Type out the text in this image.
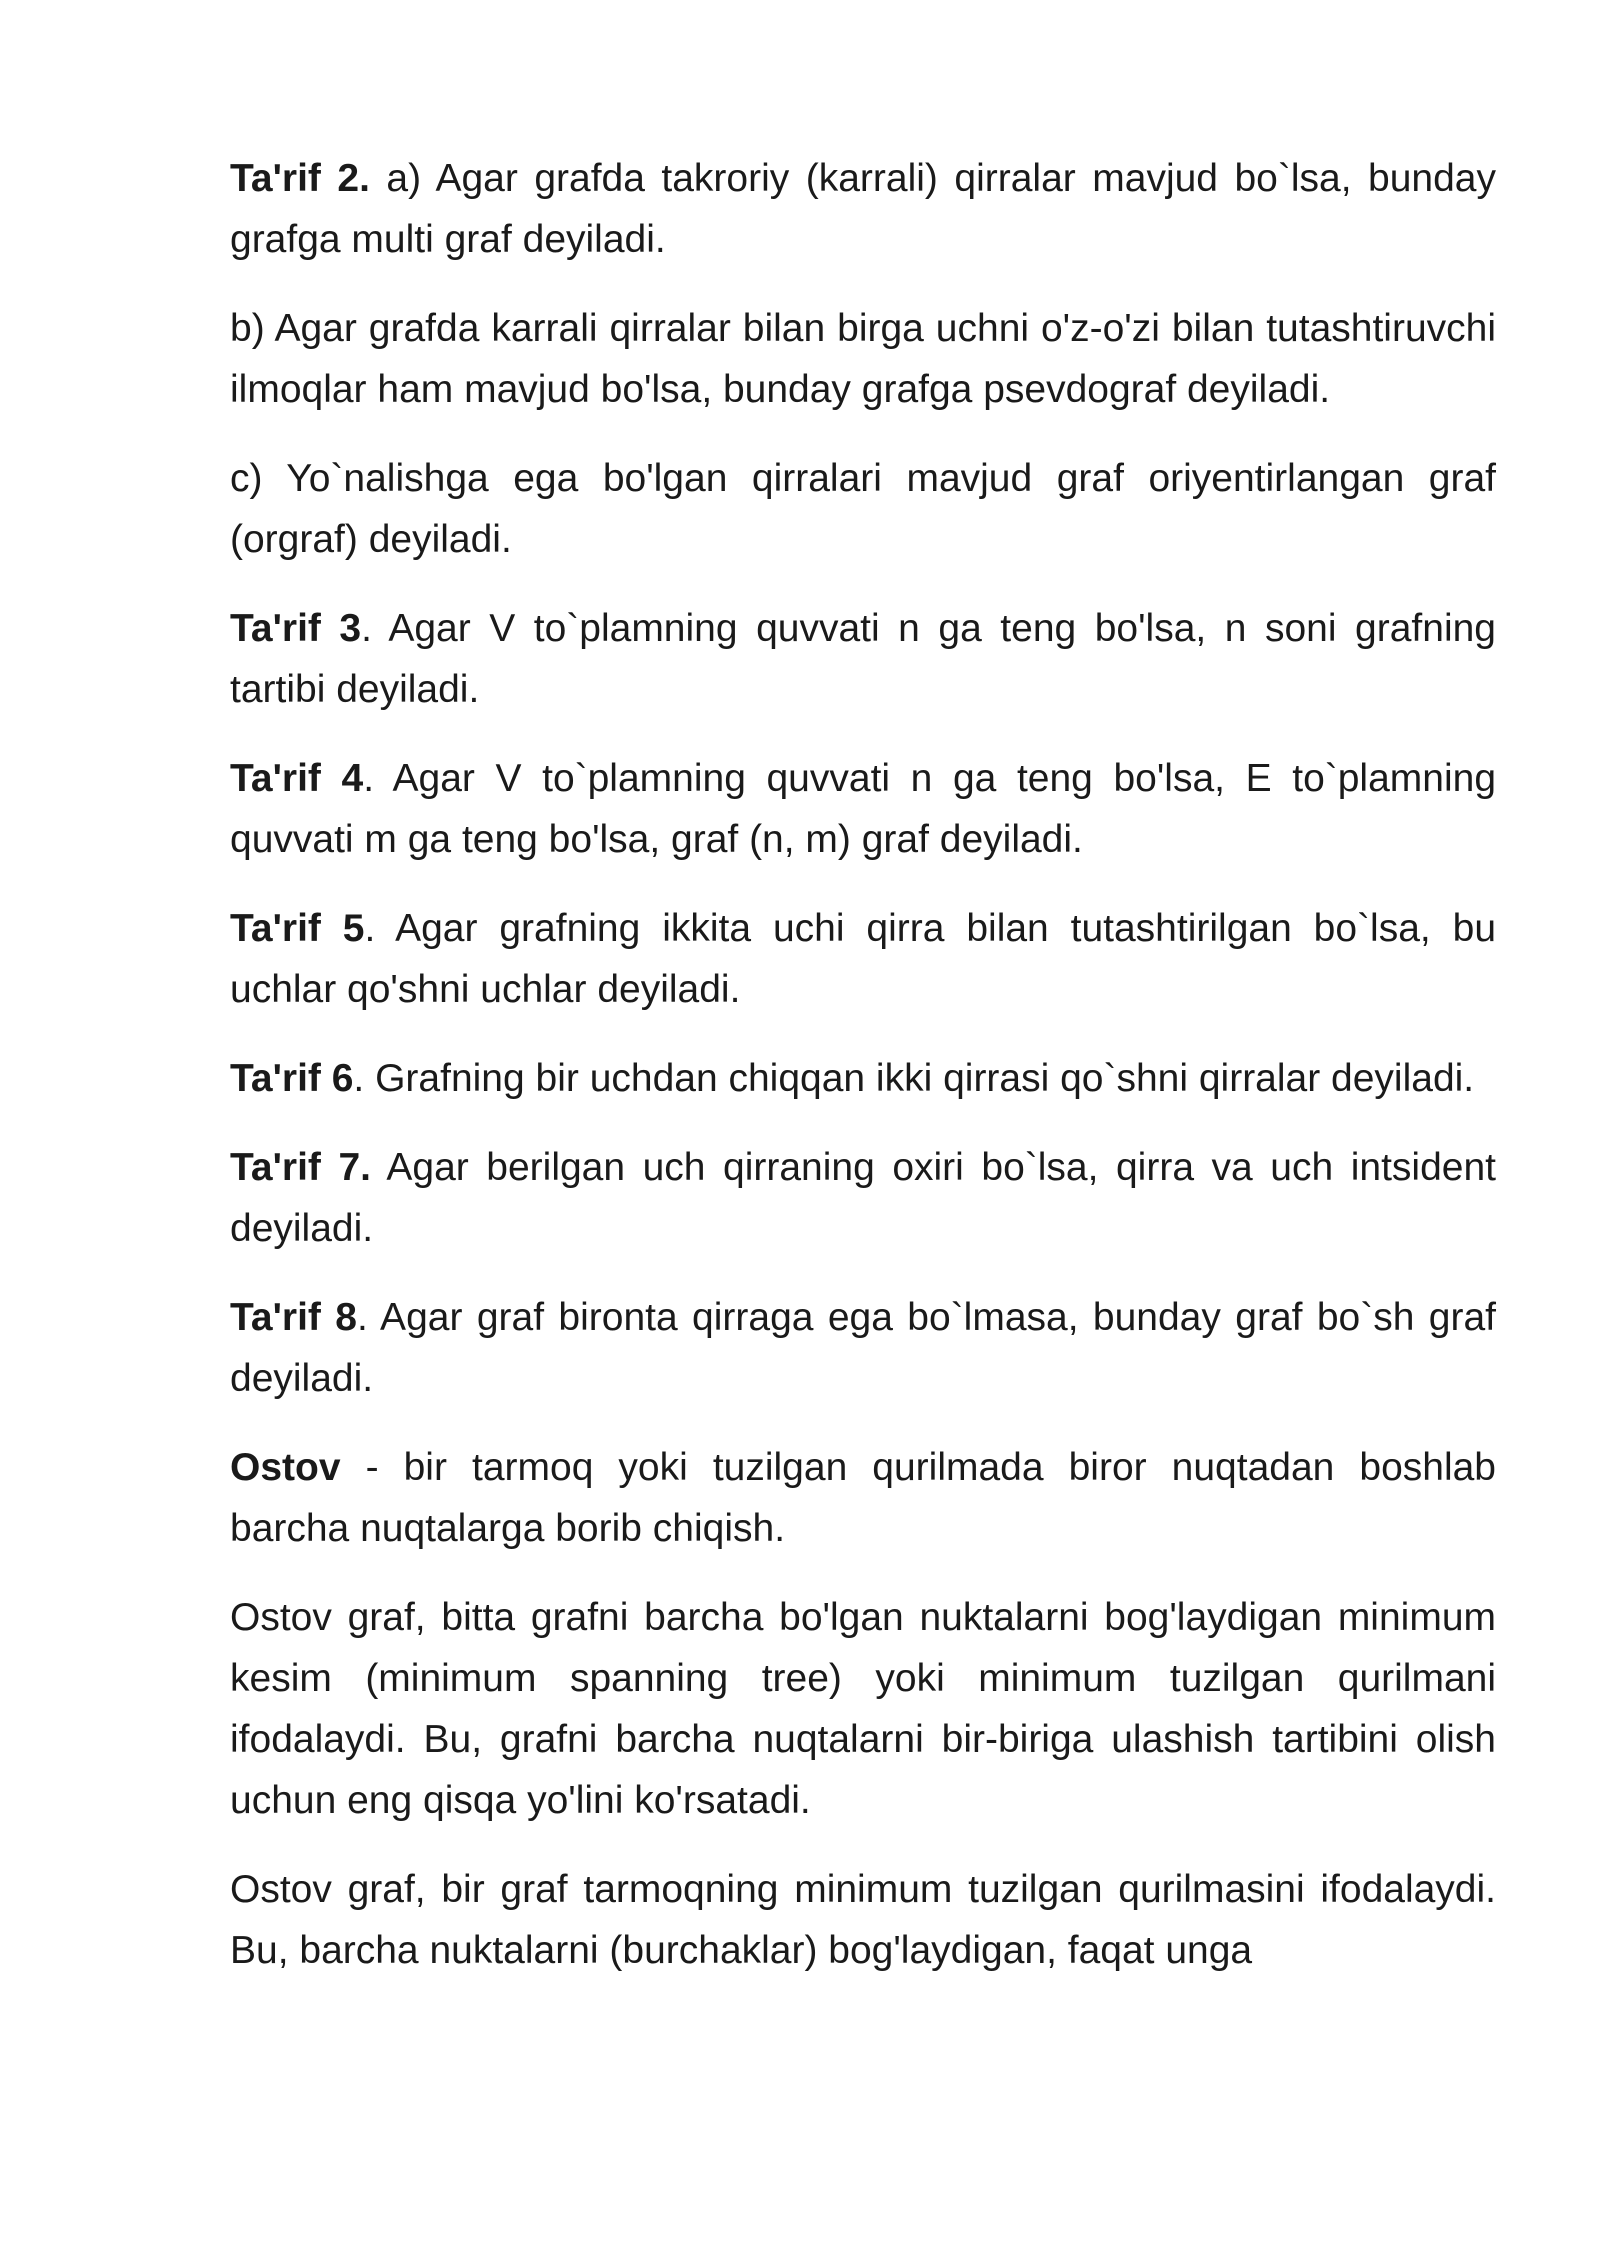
Ta'rif 2. a) Agar grafda takroriy (karrali) qirralar mavjud bo`lsa, bunday grafga multi graf deyiladi.

b) Agar grafda karrali qirralar bilan birga uchni o'z-o'zi bilan tutashtiruvchi ilmoqlar ham mavjud bo'lsa, bunday grafga psevdograf deyiladi.

c) Yo`nalishga ega bo'lgan qirralari mavjud graf oriyentirlangan graf (orgraf) deyiladi.

Ta'rif 3. Agar V to`plamning quvvati n ga teng bo'lsa, n soni grafning tartibi deyiladi.

Ta'rif 4. Agar V to`plamning quvvati n ga teng bo'lsa, E to`plamning quvvati m ga teng bo'lsa, graf (n, m) graf deyiladi.

Ta'rif 5. Agar grafning ikkita uchi qirra bilan tutashtirilgan bo`lsa, bu uchlar qo'shni uchlar deyiladi.

Ta'rif 6. Grafning bir uchdan chiqqan ikki qirrasi qo`shni qirralar deyiladi.

Ta'rif 7. Agar berilgan uch qirraning oxiri bo`lsa, qirra va uch intsident deyiladi.

Ta'rif 8. Agar graf bironta qirraga ega bo`lmasa, bunday graf bo`sh graf deyiladi.

Ostov - bir tarmoq yoki tuzilgan qurilmada biror nuqtadan boshlab barcha nuqtalarga borib chiqish.

Ostov graf, bitta grafni barcha bo'lgan nuktalarni bog'laydigan minimum kesim (minimum spanning tree) yoki minimum tuzilgan qurilmani ifodalaydi. Bu, grafni barcha nuqtalarni bir-biriga ulashish tartibini olish uchun eng qisqa yo'lini ko'rsatadi.

Ostov graf, bir graf tarmoqning minimum tuzilgan qurilmasini ifodalaydi. Bu, barcha nuktalarni (burchaklar) bog'laydigan, faqat unga
